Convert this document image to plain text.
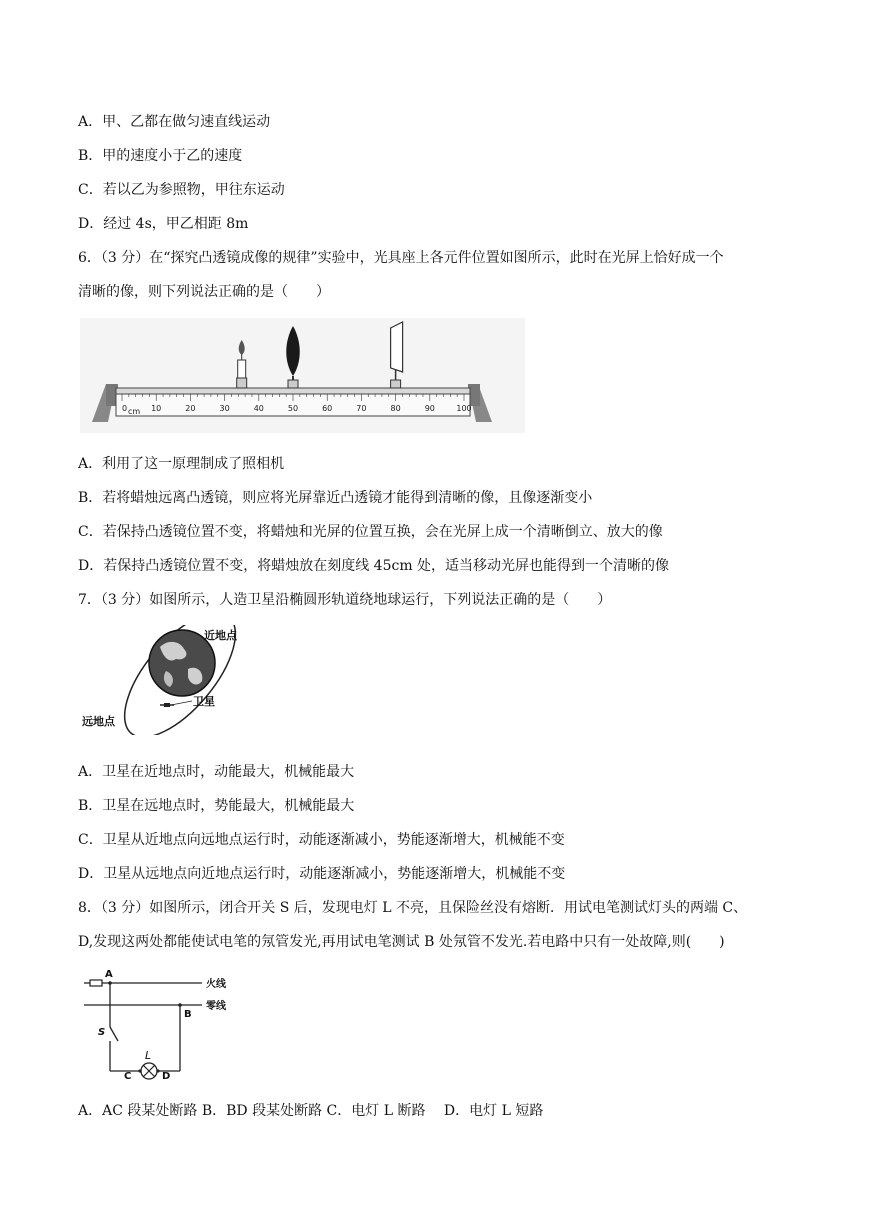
A．甲、乙都在做匀速直线运动
B．甲的速度小于乙的速度
C．若以乙为参照物，甲往东运动
D．经过 4s，甲乙相距 8m
6．（3 分）在“探究凸透镜成像的规律”实验中，光具座上各元件位置如图所示，此时在光屏上恰好成一个
清晰的像，则下列说法正确的是（　　）
0	10	20	30	40	50	60	70	80	90	100
cm
A．利用了这一原理制成了照相机
B．若将蜡烛远离凸透镜，则应将光屏靠近凸透镜才能得到清晰的像，且像逐渐变小
C．若保持凸透镜位置不变，将蜡烛和光屏的位置互换，会在光屏上成一个清晰倒立、放大的像
D．若保持凸透镜位置不变，将蜡烛放在刻度线 45cm 处，适当移动光屏也能得到一个清晰的像
7．（3 分）如图所示，人造卫星沿椭圆形轨道绕地球运行，下列说法正确的是（　　）
近地点
卫星
远地点
A．卫星在近地点时，动能最大，机械能最大
B．卫星在远地点时，势能最大，机械能最大
C．卫星从近地点向远地点运行时，动能逐渐减小，势能逐渐增大，机械能不变
D．卫星从远地点向近地点运行时，动能逐渐减小，势能逐渐增大，机械能不变
8．（3 分）如图所示，闭合开关 S 后，发现电灯 L 不亮，且保险丝没有熔断．用试电笔测试灯头的两端 C、
D,发现这两处都能使试电笔的氖管发光,再用试电笔测试 B 处氖管不发光.若电路中只有一处故障,则(　　)
A
火线
零线
B
S
L
C	D
A．AC 段某处断路 B．BD 段某处断路 C．电灯 L 断路　 D．电灯 L 短路
